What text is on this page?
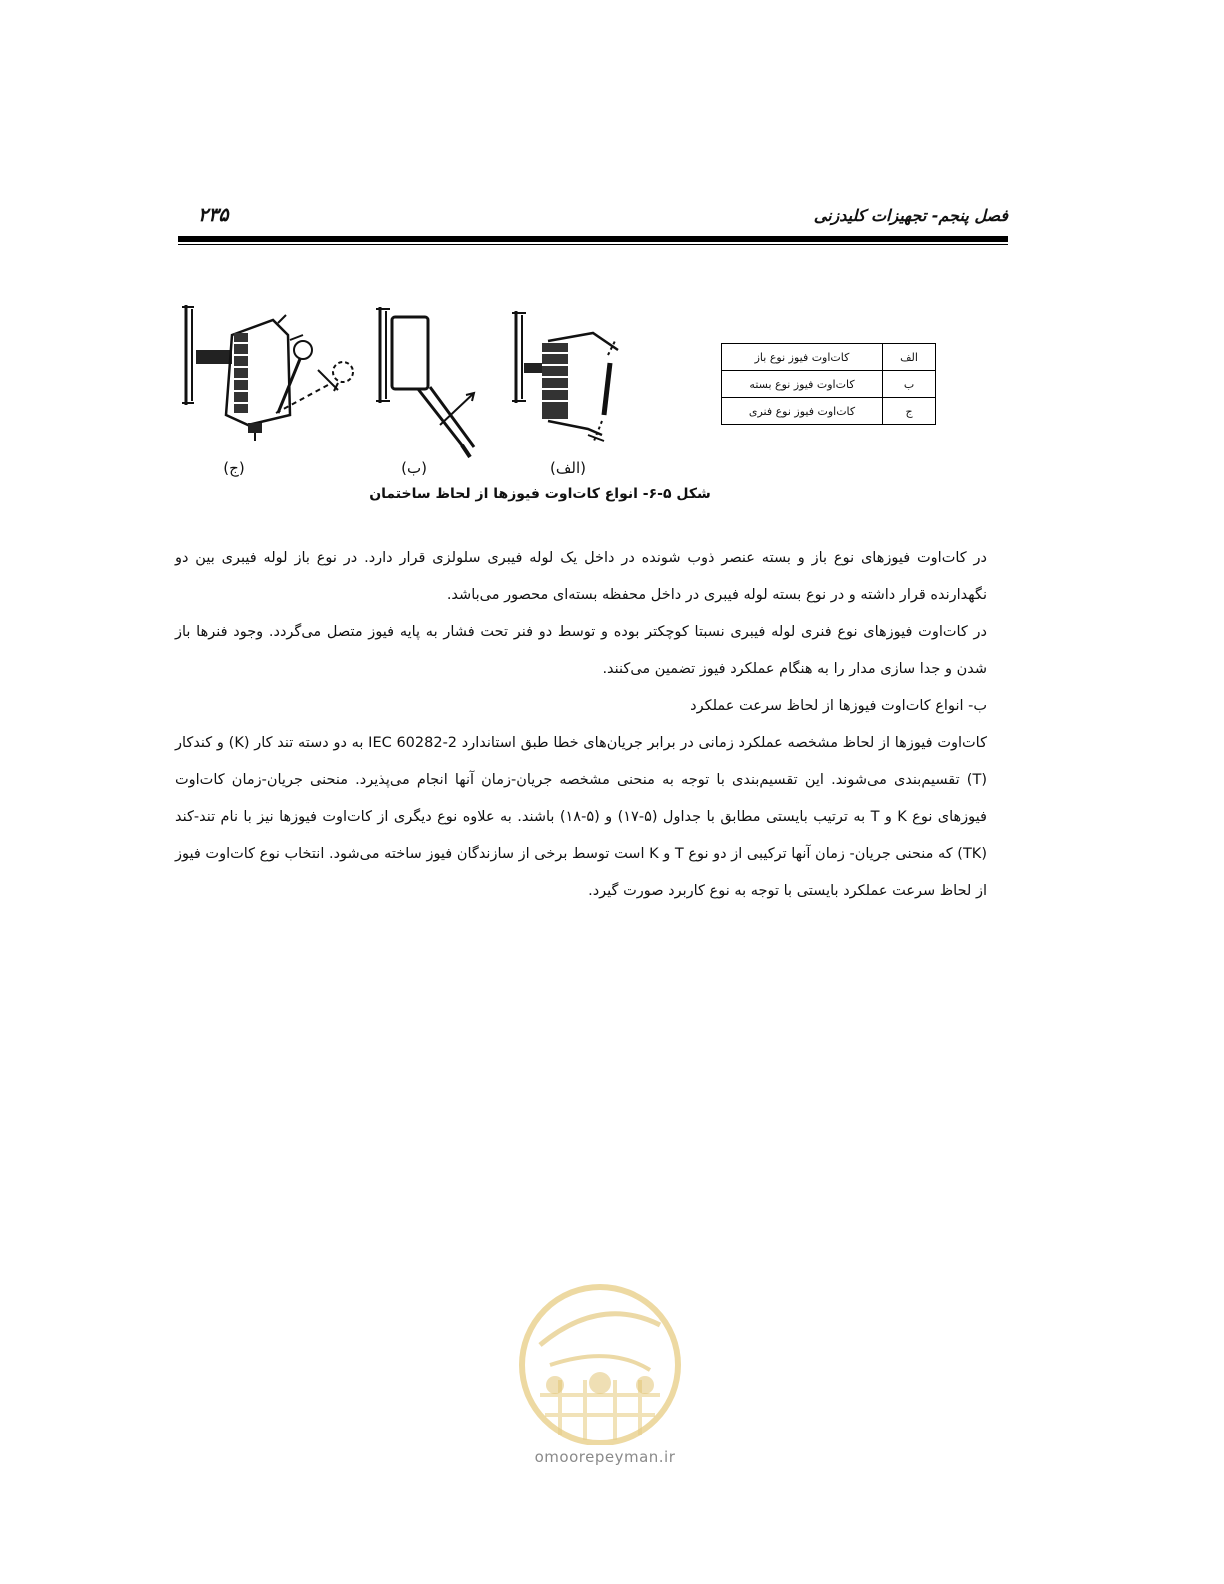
۲۳۵	فصل پنجم- تجهیزات کلیدزنی
(ج)	(ب)	(الف)
الف	کات‌اوت فیوز نوع باز
ب	کات‌اوت فیوز نوع بسته
ج	کات‌اوت فیوز نوع فنری
شکل ۵-۶- انواع کات‌اوت فیوزها از لحاظ ساختمان

در کات‌اوت فیوزهای نوع باز و بسته عنصر ذوب شونده در داخل یک لوله فیبری سلولزی قرار دارد. در نوع باز لوله فیبری بین دو نگهدارنده قرار داشته و در نوع بسته لوله فیبری در داخل محفظه بسته‌ای محصور می‌باشد.

در کات‌اوت فیوزهای نوع فنری لوله فیبری نسبتا کوچکتر بوده و توسط دو فنر تحت فشار به پایه فیوز متصل می‌گردد. وجود فنرها باز شدن و جدا سازی مدار را به هنگام عملکرد فیوز تضمین می‌کنند.

ب- انواع کات‌اوت فیوزها از لحاظ سرعت عملکرد

کات‌اوت فیوزها از لحاظ مشخصه عملکرد زمانی در برابر جریان‌های خطا طبق استاندارد IEC 60282-2 به دو دسته تند کار (K) و کندکار (T) تقسیم‌بندی می‌شوند. این تقسیم‌بندی با توجه به منحنی مشخصه جریان-زمان آنها انجام می‌پذیرد. منحنی جریان-زمان کات‌اوت فیوزهای نوع K و T به ترتیب بایستی مطابق با جداول (۵-۱۷) و (۵-۱۸) باشند. به علاوه نوع دیگری از کات‌اوت فیوزها نیز با نام تند-کند (TK) که منحنی جریان- زمان آنها ترکیبی از دو نوع T و K است توسط برخی از سازندگان فیوز ساخته می‌شود. انتخاب نوع کات‌اوت فیوز از لحاظ سرعت عملکرد بایستی با توجه به نوع کاربرد صورت گیرد.

omoorepeyman.ir
